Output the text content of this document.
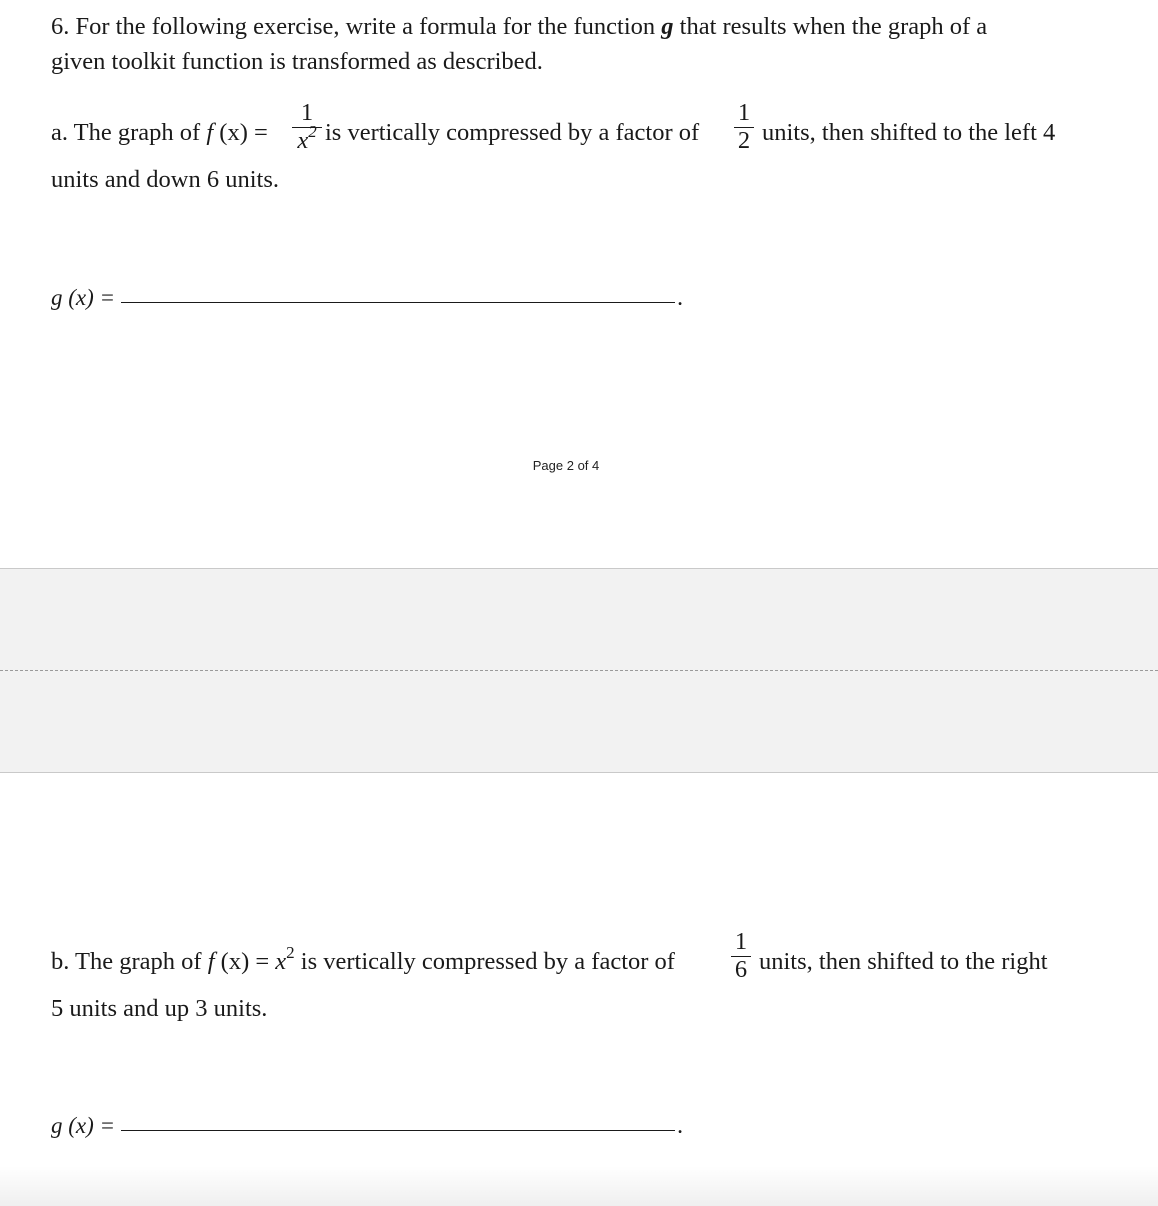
6. For the following exercise, write a formula for the function g that results when the graph of a
given toolkit function is transformed as described.
a. The graph of f (x) =
1
$x^2$ is vertically compressed by a factor of
1
2 units, then shifted to the left 4
units and down 6 units.
g (x) =	.
Page 2 of 4
b. The graph of f $(x) = x^2$ is vertically compressed by a factor of
1
6 units, then shifted to the right
5 units and up 3 units.
g (x) =	.
